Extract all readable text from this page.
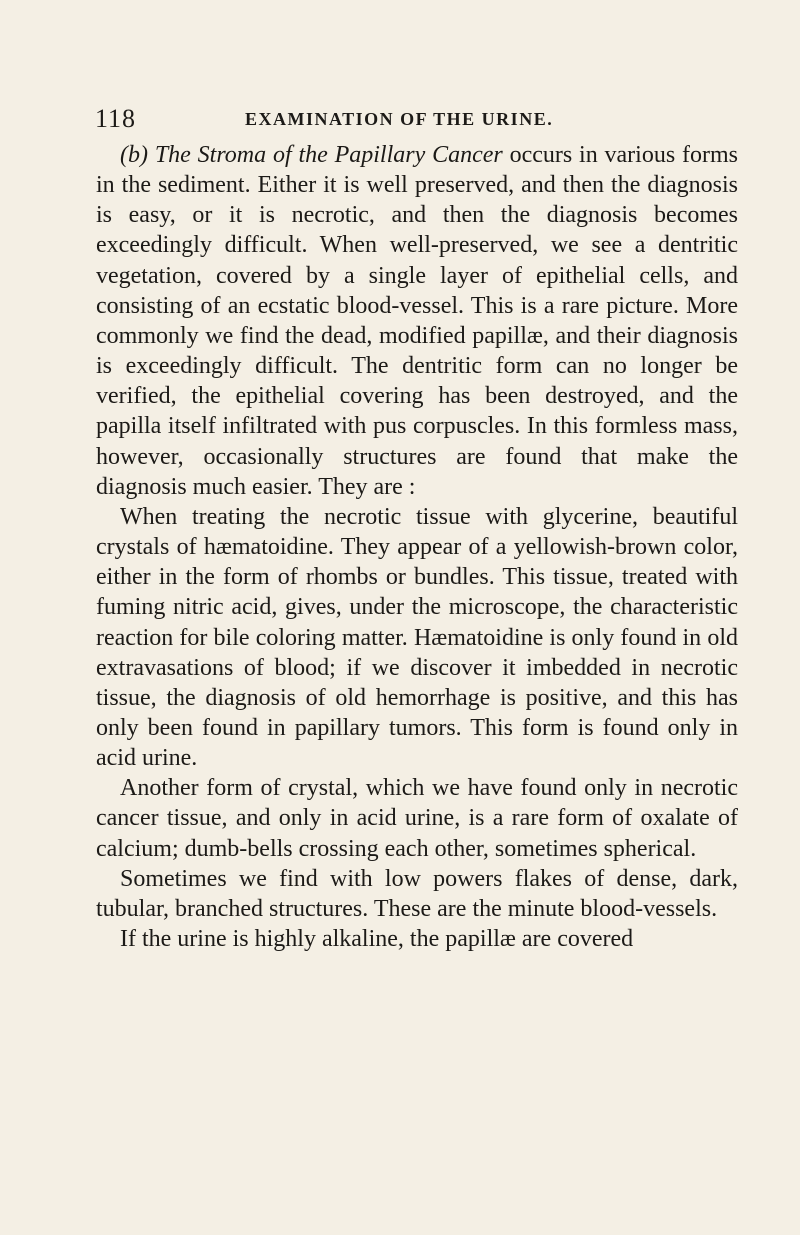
118	EXAMINATION OF THE URINE.

(b) The Stroma of the Papillary Cancer occurs in various forms in the sediment. Either it is well preserved, and then the diagnosis is easy, or it is necrotic, and then the diagnosis becomes exceedingly difficult. When well-preserved, we see a dentritic vegetation, covered by a single layer of epithelial cells, and consisting of an ecstatic blood-vessel. This is a rare picture. More commonly we find the dead, modified papillæ, and their diagnosis is exceedingly difficult. The dentritic form can no longer be verified, the epithelial covering has been destroyed, and the papilla itself infiltrated with pus corpuscles. In this formless mass, however, occasionally structures are found that make the diagnosis much easier. They are :

When treating the necrotic tissue with glycerine, beautiful crystals of hæmatoidine. They appear of a yellowish-brown color, either in the form of rhombs or bundles. This tissue, treated with fuming nitric acid, gives, under the microscope, the characteristic reaction for bile coloring matter. Hæmatoidine is only found in old extravasations of blood; if we discover it imbedded in necrotic tissue, the diagnosis of old hemorrhage is positive, and this has only been found in papillary tumors. This form is found only in acid urine.

Another form of crystal, which we have found only in necrotic cancer tissue, and only in acid urine, is a rare form of oxalate of calcium; dumb-bells crossing each other, sometimes spherical.

Sometimes we find with low powers flakes of dense, dark, tubular, branched structures. These are the minute blood-vessels.

If the urine is highly alkaline, the papillæ are covered
